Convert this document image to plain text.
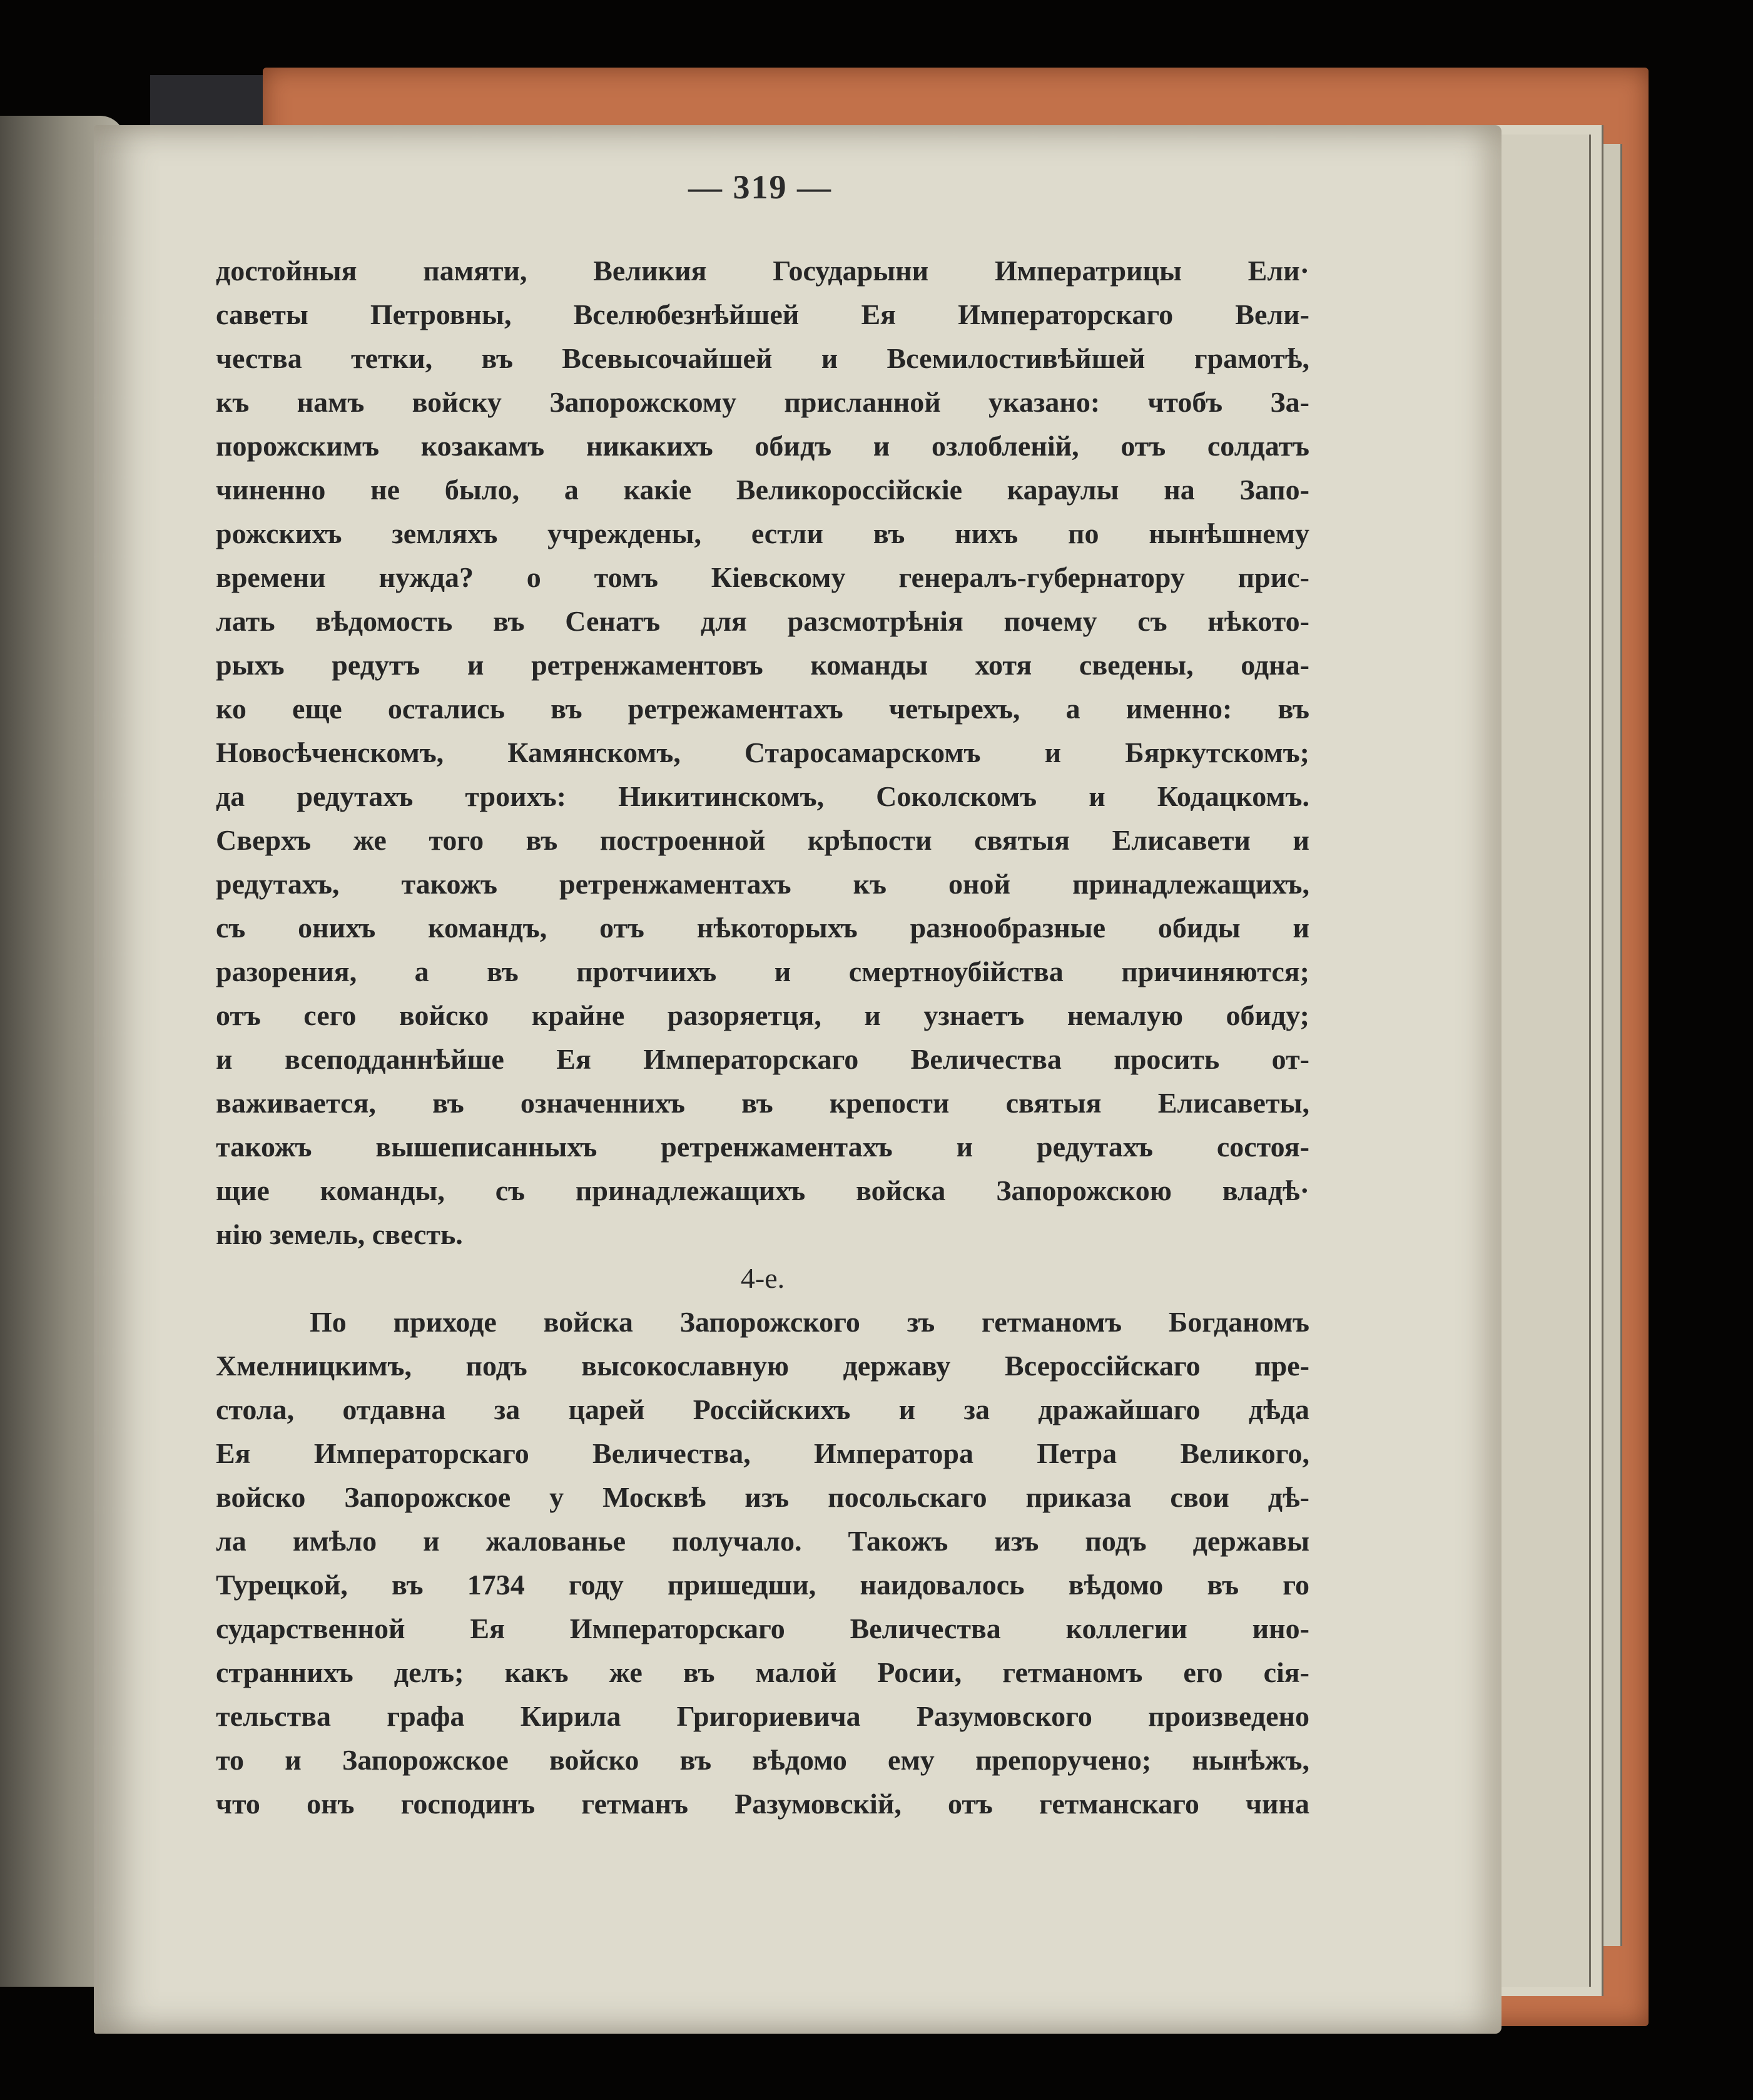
— 319 —
достойныя памяти, Великия Государыни Императрицы Ели·
саветы Петровны, Вселюбезнѣйшей Ея Императорскаго Вели-
чества тетки, въ Всевысочайшей и Всемилостивѣйшей грамотѣ,
къ намъ войску Запорожскому присланной указано: чтобъ За-
порожскимъ козакамъ никакихъ обидъ и озлобленій, отъ солдатъ
чиненно не было, а какіе Великороссійскіе караулы на Запо-
рожскихъ земляхъ учреждены, естли въ нихъ по нынѣшнему
времени нужда? о томъ Кіевскому генералъ-губернатору прис-
лать вѣдомость въ Сенатъ для разсмотрѣнія почему съ нѣкото-
рыхъ редутъ и ретренжаментовъ команды хотя сведены, одна-
ко еще остались въ ретрежаментахъ четырехъ, а именно: въ
Новосѣченскомъ, Камянскомъ, Старосамарскомъ и Бяркутскомъ;
да редутахъ троихъ: Никитинскомъ, Соколскомъ и Кодацкомъ.
Сверхъ же того въ построенной крѣпости святыя Елисавети и
редутахъ, такожъ ретренжаментахъ къ оной принадлежащихъ,
съ онихъ командъ, отъ нѣкоторыхъ разнообразные обиды и
разорения, а въ протчиихъ и смертноубійства причиняются;
отъ сего войско крайне разоряетця, и узнаетъ немалую обиду;
и всеподданнѣйше Ея Императорскаго Величества просить от-
важивается, въ означеннихъ въ крепости святыя Елисаветы,
такожъ вышеписанныхъ ретренжаментахъ и редутахъ состоя-
щие команды, съ принадлежащихъ войска Запорожскою владѣ·
нію земель, свесть.
4-е.
По приходе войска Запорожского зъ гетманомъ Богданомъ
Хмелницкимъ, подъ высокославную державу Всероссійскаго пре-
стола, отдавна за царей Россійскихъ и за дражайшаго дѣда
Ея Императорскаго Величества, Императора Петра Великого,
войско Запорожское у Москвѣ изъ посольскаго приказа свои дѣ-
ла имѣло и жалованье получало. Такожъ изъ подъ державы
Турецкой, въ 1734 году пришедши, наидовалось вѣдомо въ го
сударственной Ея Императорскаго Величества коллегии ино-
страннихъ делъ; какъ же въ малой Росии, гетманомъ его сія-
тельства графа Кирила Григориевича Разумовского произведено
то и Запорожское войско въ вѣдомо ему препоручено; нынѣжъ,
что онъ господинъ гетманъ Разумовскій, отъ гетманскаго чина
